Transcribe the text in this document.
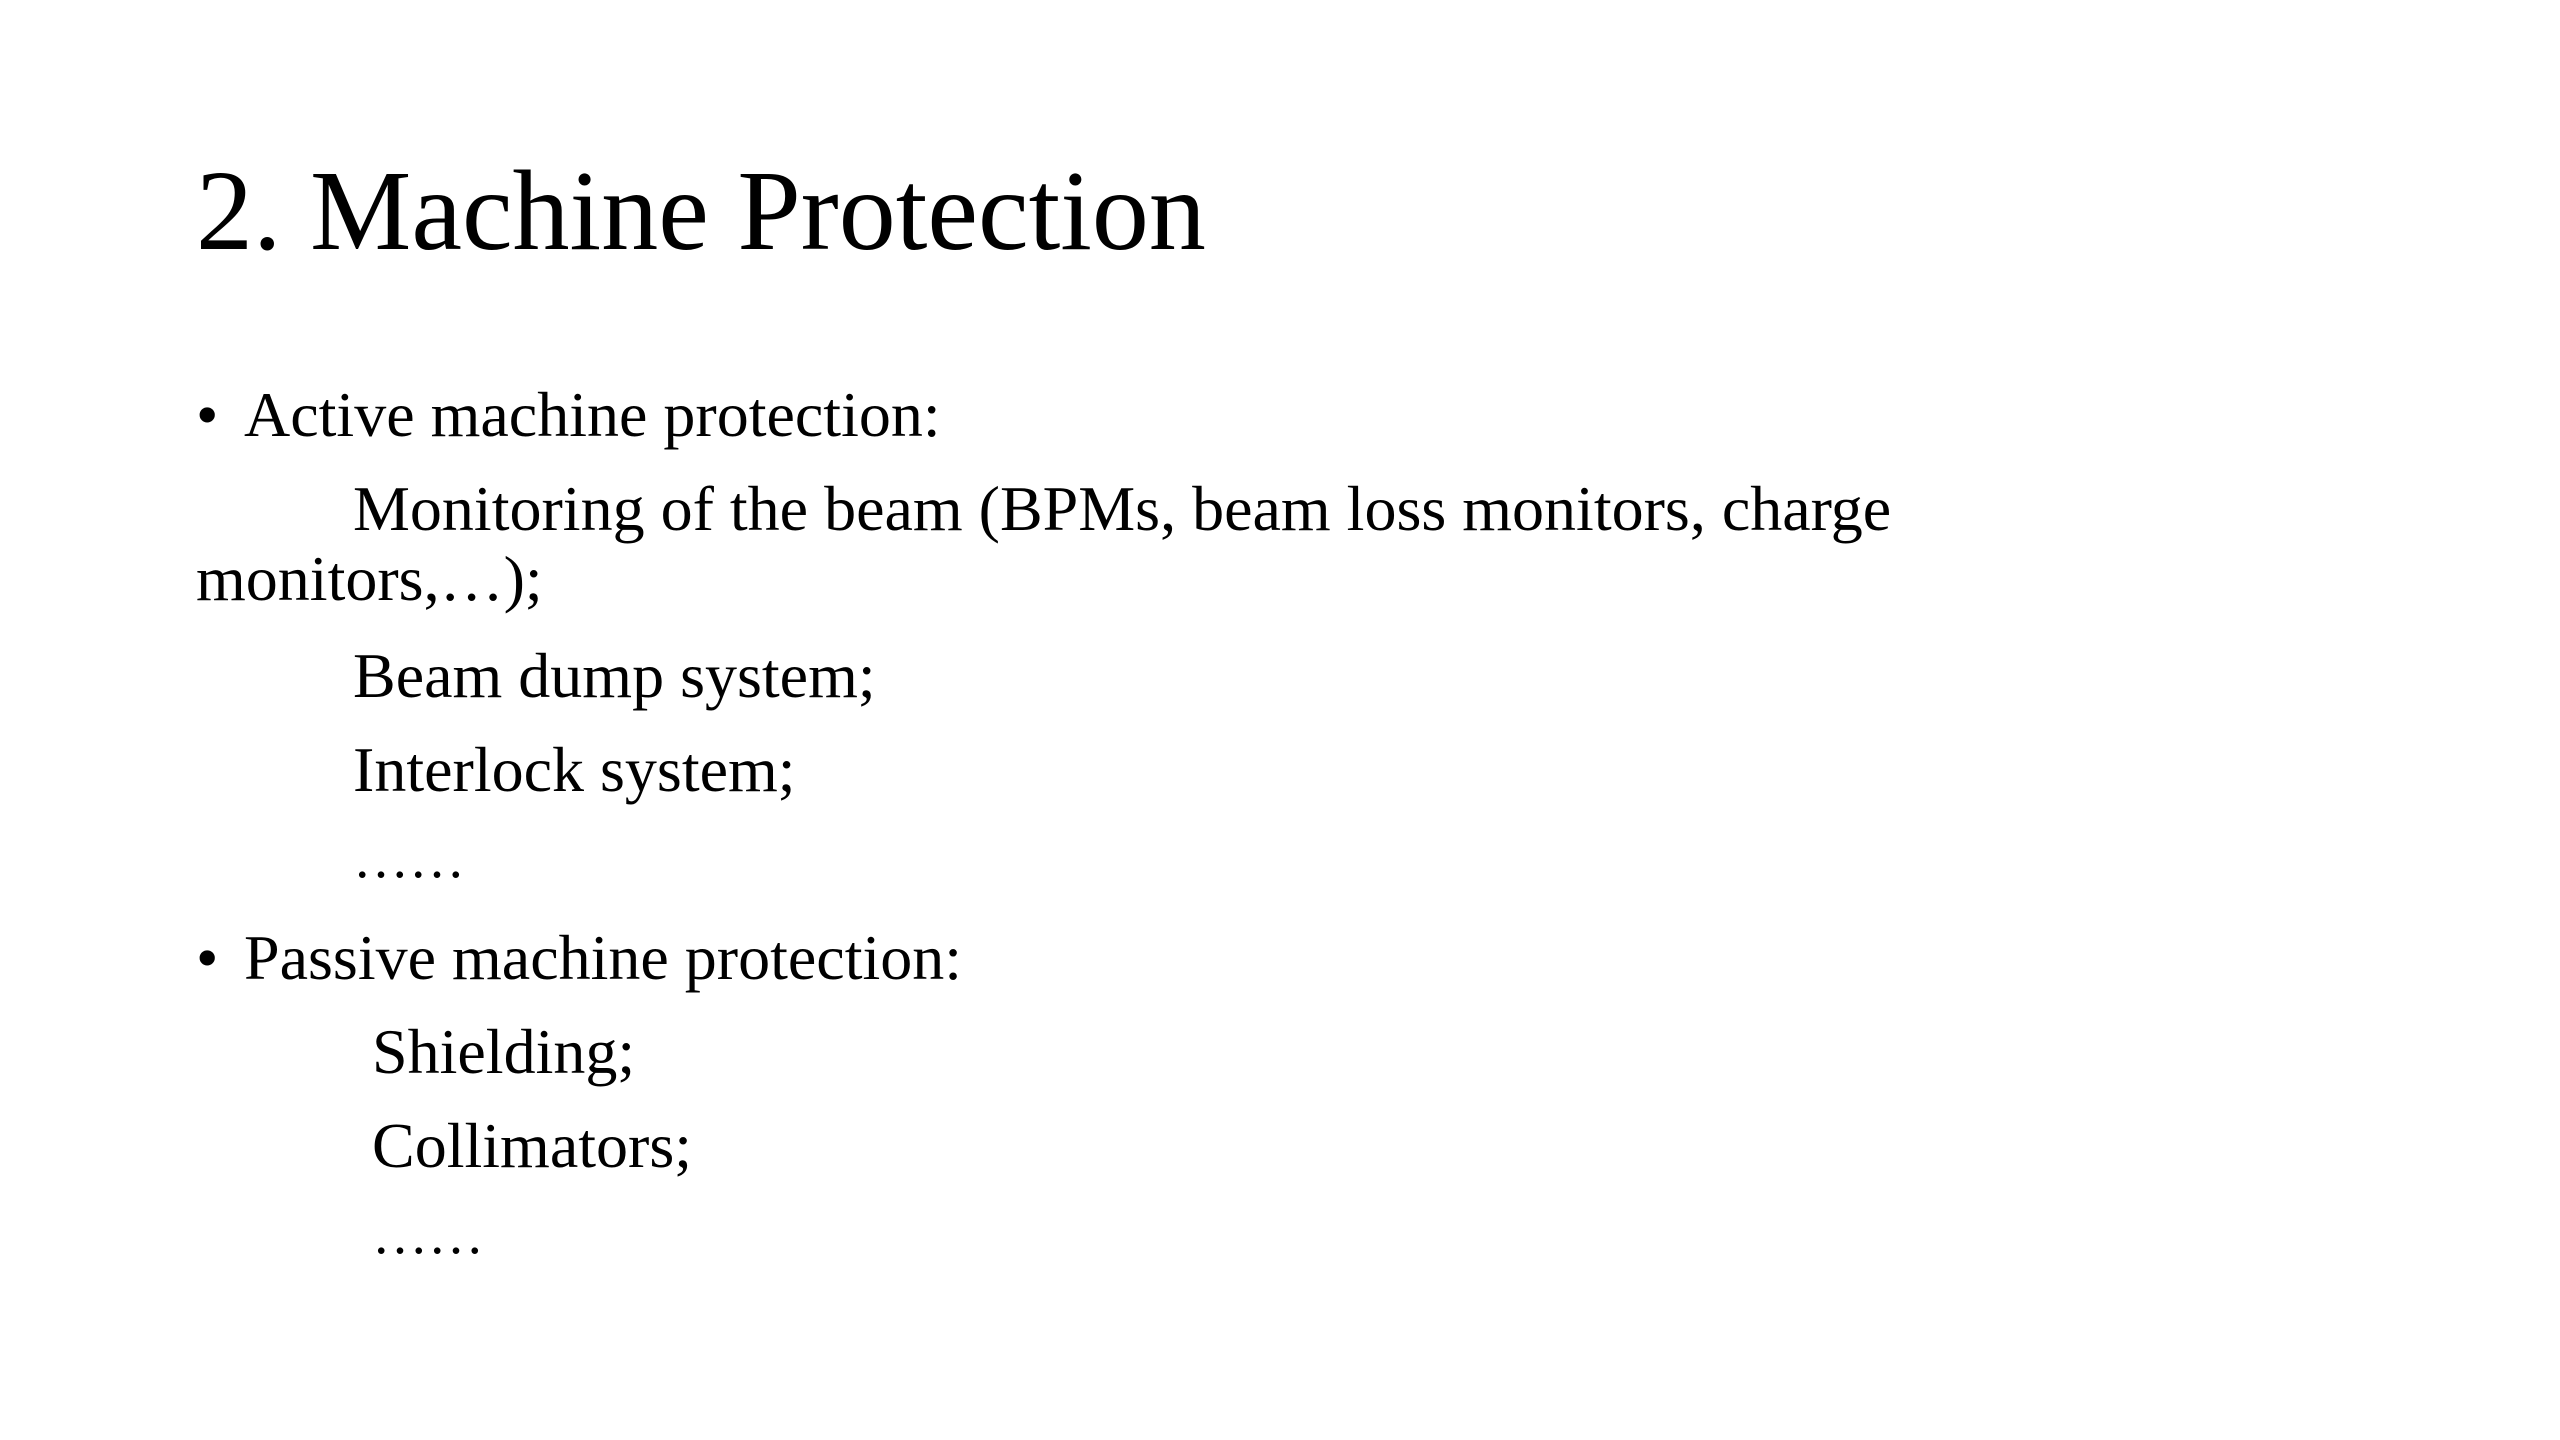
2. Machine Protection
• Active machine protection:
Monitoring of the beam (BPMs, beam loss monitors, charge monitors,…);
Beam dump system;
Interlock system;
……
• Passive machine protection:
Shielding;
Collimators;
……
